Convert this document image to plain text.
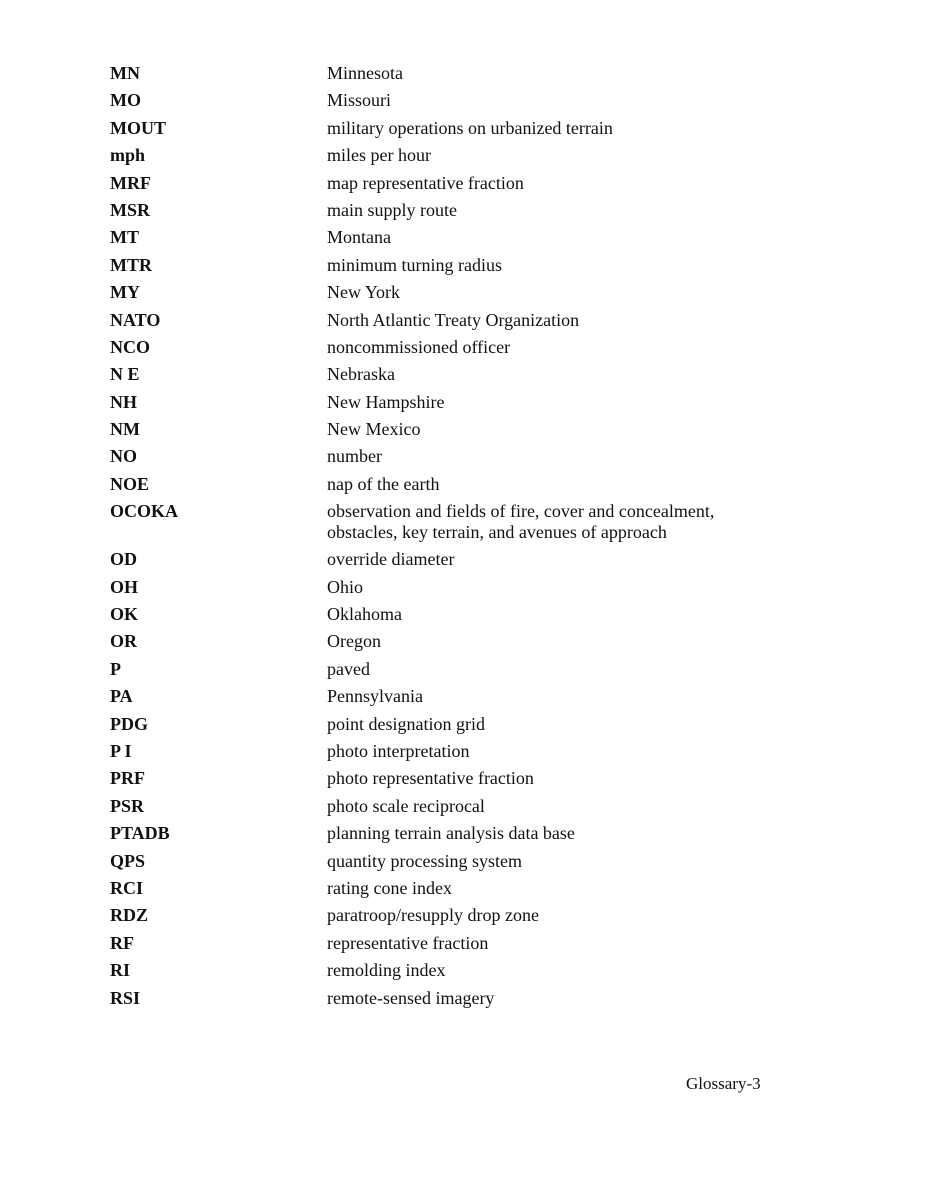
MN	Minnesota
MO	Missouri
MOUT	military operations on urbanized terrain
mph	miles per hour
MRF	map representative fraction
MSR	main supply route
MT	Montana
MTR	minimum turning radius
MY	New York
NATO	North Atlantic Treaty Organization
NCO	noncommissioned officer
N E	Nebraska
NH	New Hampshire
NM	New Mexico
NO	number
NOE	nap of the earth
OCOKA	observation and fields of fire, cover and concealment,
obstacles, key terrain, and avenues of approach
OD	override diameter
OH	Ohio
OK	Oklahoma
OR	Oregon
P	paved
PA	Pennsylvania
PDG	point designation grid
P I	photo interpretation
PRF	photo representative fraction
PSR	photo scale reciprocal
PTADB	planning terrain analysis data base
QPS	quantity processing system
RCI	rating cone index
RDZ	paratroop/resupply drop zone
RF	representative fraction
RI	remolding index
RSI	remote-sensed imagery
Glossary-3
